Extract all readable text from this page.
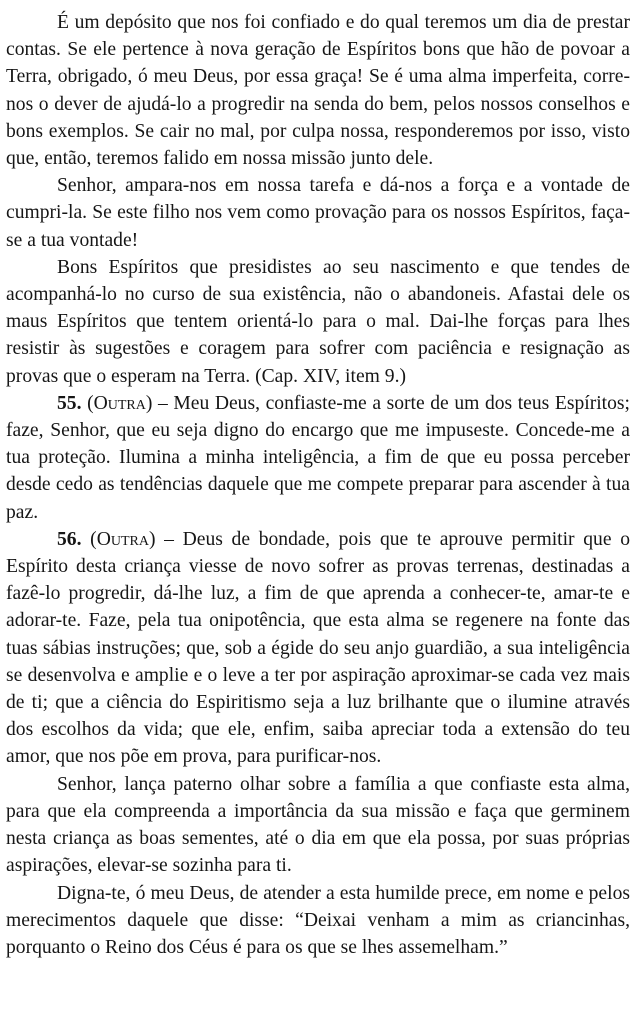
É um depósito que nos foi confiado e do qual teremos um dia de prestar contas. Se ele pertence à nova geração de Espíritos bons que hão de povoar a Terra, obrigado, ó meu Deus, por essa graça! Se é uma alma imperfeita, corre-nos o dever de ajudá-lo a progredir na senda do bem, pelos nossos conselhos e bons exemplos. Se cair no mal, por culpa nossa, responderemos por isso, visto que, então, teremos falido em nossa missão junto dele.

Senhor, ampara-nos em nossa tarefa e dá-nos a força e a vontade de cumpri-la. Se este filho nos vem como provação para os nossos Espíritos, faça-se a tua vontade!

Bons Espíritos que presidistes ao seu nascimento e que tendes de acompanhá-lo no curso de sua existência, não o abandoneis. Afastai dele os maus Espíritos que tentem orientá-lo para o mal. Dai-lhe forças para lhes resistir às sugestões e coragem para sofrer com paciência e resignação as provas que o esperam na Terra. (Cap. XIV, item 9.)

55. (Outra) – Meu Deus, confiaste-me a sorte de um dos teus Espíritos; faze, Senhor, que eu seja digno do encargo que me impuseste. Concede-me a tua proteção. Ilumina a minha inteligência, a fim de que eu possa perceber desde cedo as tendências daquele que me compete preparar para ascender à tua paz.

56. (Outra) – Deus de bondade, pois que te aprouve permitir que o Espírito desta criança viesse de novo sofrer as provas terrenas, destinadas a fazê-lo progredir, dá-lhe luz, a fim de que aprenda a conhecer-te, amar-te e adorar-te. Faze, pela tua onipotência, que esta alma se regenere na fonte das tuas sábias instruções; que, sob a égide do seu anjo guardião, a sua inteligência se desenvolva e amplie e o leve a ter por aspiração aproximar-se cada vez mais de ti; que a ciência do Espiritismo seja a luz brilhante que o ilumine através dos escolhos da vida; que ele, enfim, saiba apreciar toda a extensão do teu amor, que nos põe em prova, para purificar-nos.

Senhor, lança paterno olhar sobre a família a que confiaste esta alma, para que ela compreenda a importância da sua missão e faça que germinem nesta criança as boas sementes, até o dia em que ela possa, por suas próprias aspirações, elevar-se sozinha para ti.

Digna-te, ó meu Deus, de atender a esta humilde prece, em nome e pelos merecimentos daquele que disse: “Deixai venham a mim as criancinhas, porquanto o Reino dos Céus é para os que se lhes assemelham.”
